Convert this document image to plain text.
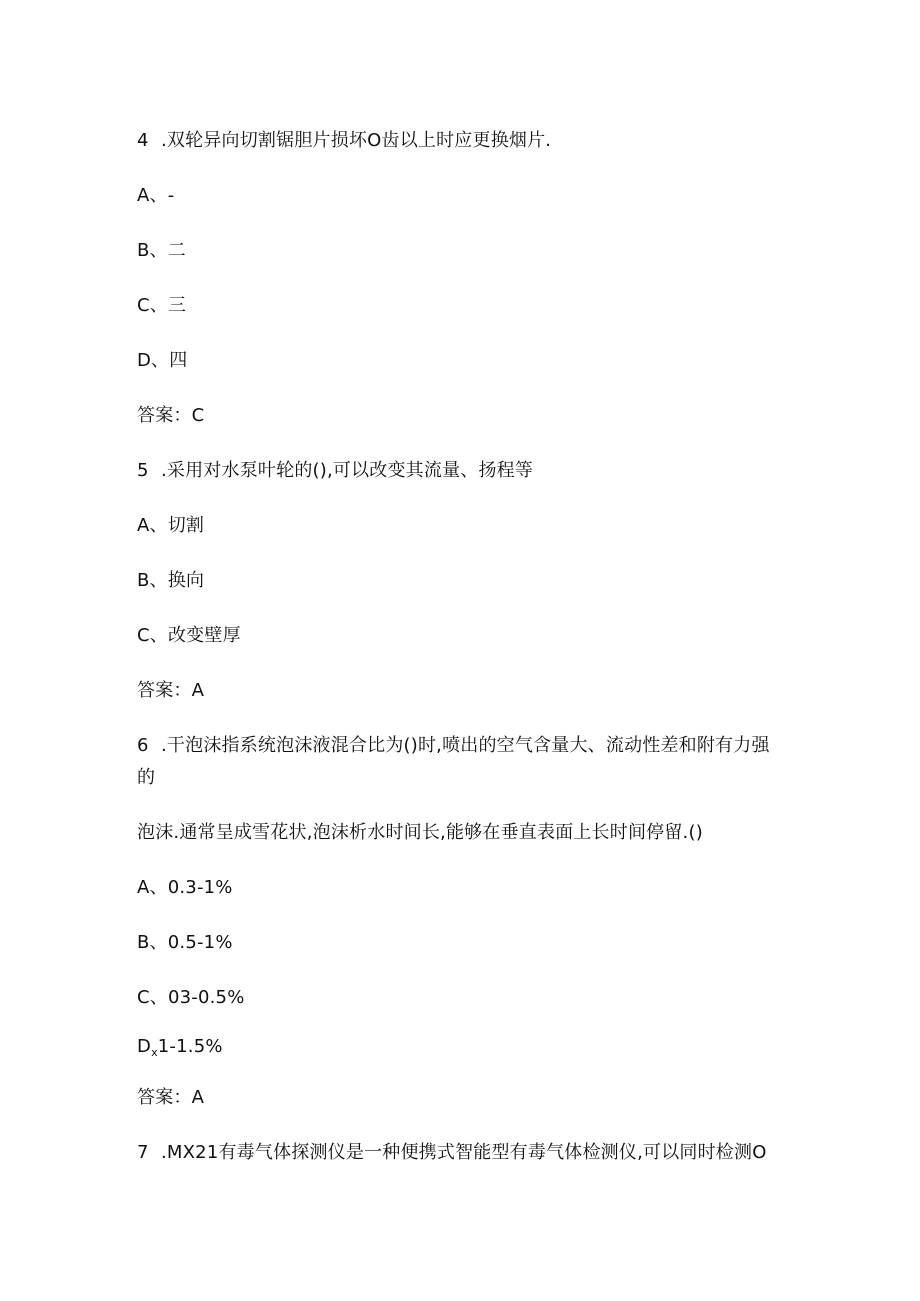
4 .双轮异向切割锯胆片损坏O齿以上时应更换烟片.
A、-
B、二
C、三
D、四
答案：C
5 .采用对水泵叶轮的(),可以改变其流量、扬程等
A、切割
B、换向
C、改变壁厚
答案：A
6 .干泡沫指系统泡沫液混合比为()时,喷出的空气含量大、流动性差和附有力强
的
泡沫.通常呈成雪花状,泡沫析水时间长,能够在垂直表面上长时间停留.()
A、0.3-1%
B、0.5-1%
C、03-0.5%
$D_x1-1.5\%$
答案：A
7 .MX21有毒气体探测仪是一种便携式智能型有毒气体检测仪,可以同时检测O
